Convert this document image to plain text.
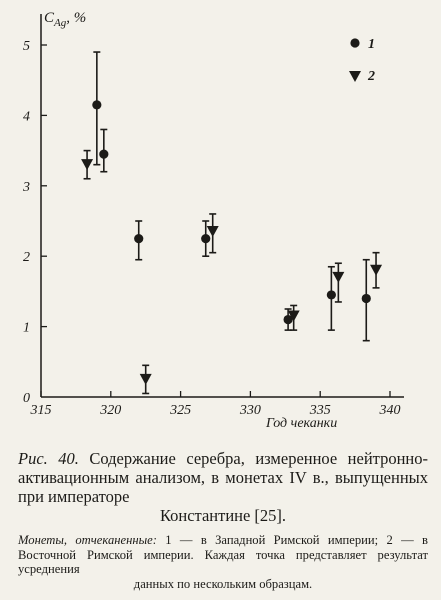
0
1
2
3
4
5
315	320	325	330	335	340
$C_{Ag}$, %
Год чеканки
1
2
Рис. 40. Содержание серебра, измеренное нейтронно-активационным анализом, в монетах IV в., выпущенных при императоре
Константине [25].
Монеты, отчеканенные: 1 — в Западной Римской империи; 2 — в Восточной Римской империи. Каждая точка представляет результат усреднения
данных по нескольким образцам.
